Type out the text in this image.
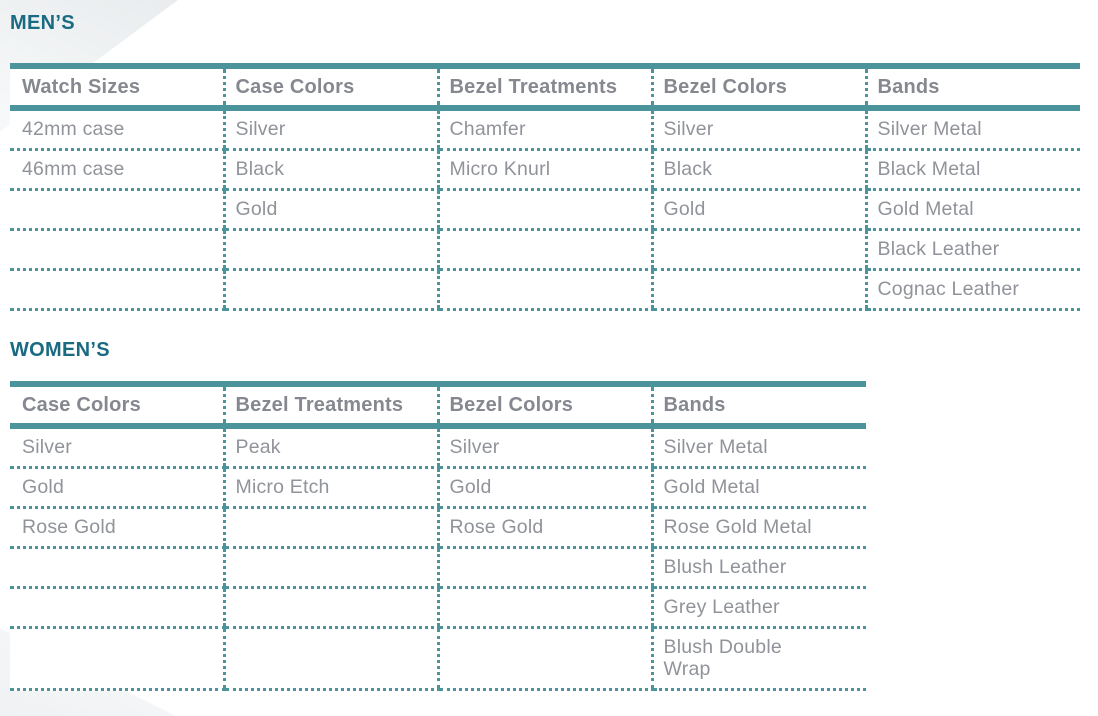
MEN’S
Watch Sizes	Case Colors	Bezel Treatments	Bezel Colors	Bands
42mm case	Silver	Chamfer	Silver	Silver Metal
46mm case	Black	Micro Knurl	Black	Black Metal
	Gold		Gold	Gold Metal
				Black Leather
				Cognac Leather
WOMEN’S
Case Colors	Bezel Treatments	Bezel Colors	Bands
Silver	Peak	Silver	Silver Metal
Gold	Micro Etch	Gold	Gold Metal
Rose Gold		Rose Gold	Rose Gold Metal
			Blush Leather
			Grey Leather
			Blush Double Wrap
